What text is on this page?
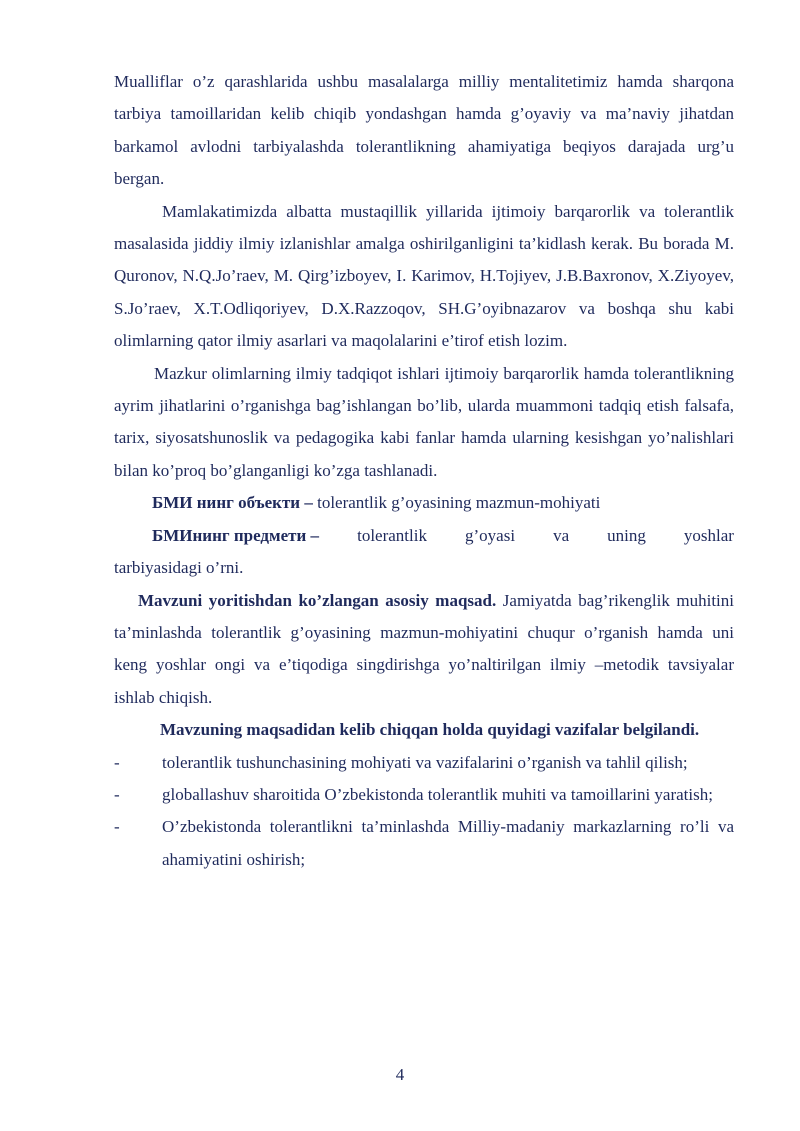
Mualliflar o’z qarashlarida ushbu masalalarga milliy mentalitetimiz hamda sharqona tarbiya tamoillaridan kelib chiqib yondashgan hamda g’oyaviy va ma’naviy jihatdan barkamol avlodni tarbiyalashda tolerantlikning ahamiyatiga beqiyos darajada urg’u bergan.

Mamlakatimizda albatta mustaqillik yillarida ijtimoiy barqarorlik va tolerantlik masalasida jiddiy ilmiy izlanishlar amalga oshirilganligini ta’kidlash kerak. Bu borada M. Quronov, N.Q.Jo’raev, M. Qirg’izboyev, I. Karimov, H.Tojiyev, J.B.Baxronov, X.Ziyoyev, S.Jo’raev, X.T.Odliqoriyev, D.X.Razzoqov, SH.G’oyibnazarov va boshqa shu kabi olimlarning qator ilmiy asarlari va maqolalarini e’tirof etish lozim.

Mazkur olimlarning ilmiy tadqiqot ishlari ijtimoiy barqarorlik hamda tolerantlikning ayrim jihatlarini o’rganishga bag’ishlangan bo’lib, ularda muammoni tadqiq etish falsafa, tarix, siyosatshunoslik va pedagogika kabi fanlar hamda ularning kesishgan yo’nalishlari bilan ko’proq bo’glanganligi ko’zga tashlanadi.

БМИ нинг объекти – tolerantlik g’oyasining mazmun-mohiyati

БМИнинг предмети – tolerantlik g’oyasi va uning yoshlar

tarbiyasidagi o’rni.

Mavzuni yoritishdan ko’zlangan asosiy maqsad. Jamiyatda bag’rikenglik muhitini ta’minlashda tolerantlik g’oyasining mazmun-mohiyatini chuqur o’rganish hamda uni keng yoshlar ongi va e’tiqodiga singdirishga yo’naltirilgan ilmiy –metodik tavsiyalar ishlab chiqish.

Mavzuning maqsadidan kelib chiqqan holda quyidagi vazifalar belgilandi.

-	tolerantlik tushunchasining mohiyati va vazifalarini o’rganish va tahlil qilish;
-	globallashuv sharoitida O’zbekistonda tolerantlik muhiti va tamoillarini yaratish;
-	O’zbekistonda tolerantlikni ta’minlashda Milliy-madaniy markazlarning ro’li va ahamiyatini oshirish;
4
